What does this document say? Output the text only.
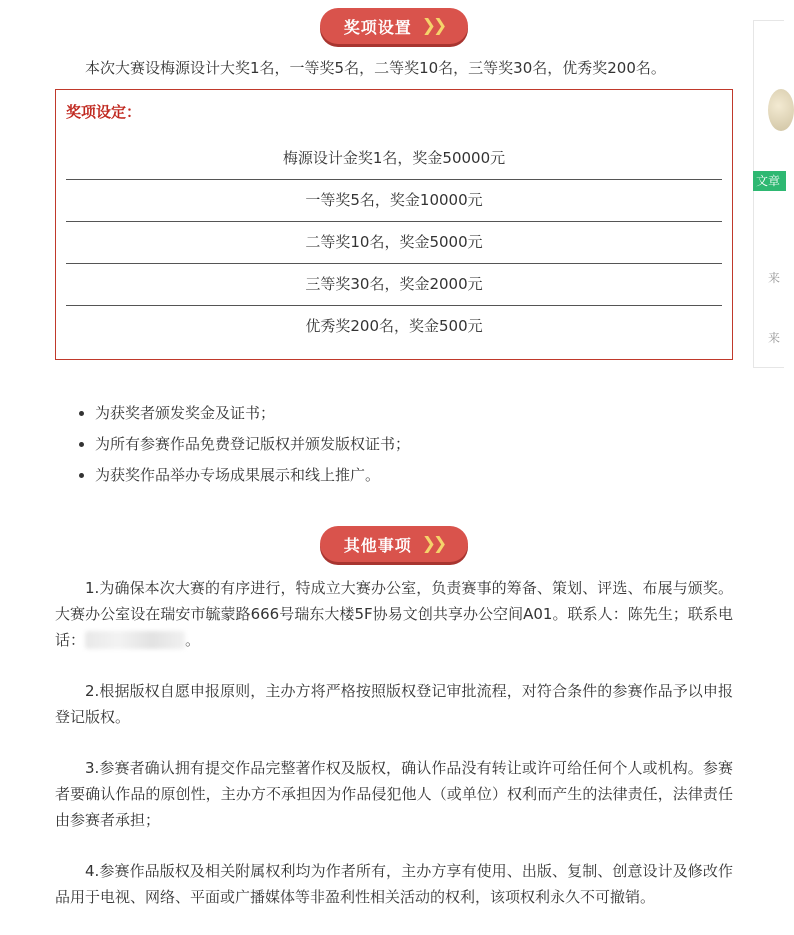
奖项设置 ❯❯

本次大赛设梅源设计大奖1名，一等奖5名，二等奖10名，三等奖30名，优秀奖200名。

奖项设定：
梅源设计金奖1名，奖金50000元
一等奖5名，奖金10000元
二等奖10名，奖金5000元
三等奖30名，奖金2000元
优秀奖200名，奖金500元
• 为获奖者颁发奖金及证书；
• 为所有参赛作品免费登记版权并颁发版权证书；
• 为获奖作品举办专场成果展示和线上推广。
其他事项 ❯❯

1.为确保本次大赛的有序进行，特成立大赛办公室，负责赛事的筹备、策划、评选、布展与颁奖。大赛办公室设在瑞安市毓蒙路666号瑞东大楼5F协易文创共享办公空间A01。联系人：陈先生；联系电话：	。

2.根据版权自愿申报原则，主办方将严格按照版权登记审批流程，对符合条件的参赛作品予以申报登记版权。

3.参赛者确认拥有提交作品完整著作权及版权，确认作品没有转让或许可给任何个人或机构。参赛者要确认作品的原创性，主办方不承担因为作品侵犯他人（或单位）权利而产生的法律责任，法律责任由参赛者承担；

4.参赛作品版权及相关附属权利均为作者所有，主办方享有使用、出版、复制、创意设计及修改作品用于电视、网络、平面或广播媒体等非盈利性相关活动的权利，该项权利永久不可撤销。

文章
来
来
